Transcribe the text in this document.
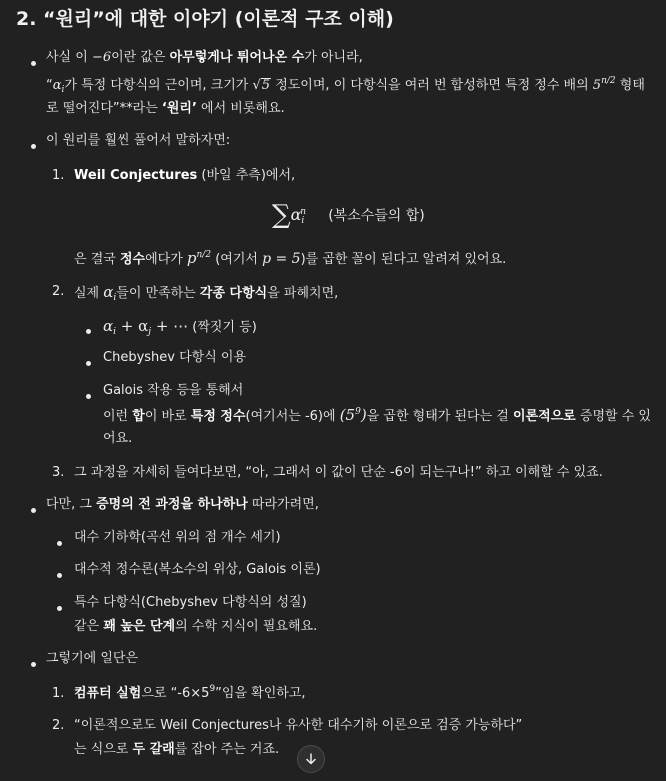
2. “원리”에 대한 이야기 (이론적 구조 이해)
사실 이 −6이란 값은 아무렇게나 튀어나온 수가 아니라,
“$\alpha_i$가 특정 다항식의 근이며, 크기가 √5 정도이며, 이 다항식을 여러 번 합성하면 특정 정수 배의 $5^{n/2}$ 형태
로 떨어진다”**라는 ‘원리’ 에서 비롯해요.
이 원리를 훨씬 풀어서 말하자면:
1. Weil Conjectures (바일 추측)에서,
$\sum\alpha_i^n$ (복소수들의 합)
은 결국 정수에다가 $p^{n/2}$ (여기서 p = 5)를 곱한 꼴이 된다고 알려져 있어요.
2. 실제 $\alpha_i$들이 만족하는 각종 다항식을 파헤치면,
$\alpha_i + \alpha_j$ + ⋯ (짝짓기 등)
Chebyshev 다항식 이용
Galois 작용 등을 통해서
이런 합이 바로 특정 정수(여기서는 -6)에 $(5^9)$을 곱한 형태가 된다는 걸 이론적으로 증명할 수 있
어요.
3. 그 과정을 자세히 들여다보면, “아, 그래서 이 값이 단순 -6이 되는구나!” 하고 이해할 수 있죠.
다만, 그 증명의 전 과정을 하나하나 따라가려면,
대수 기하학(곡선 위의 점 개수 세기)
대수적 정수론(복소수의 위상, Galois 이론)
특수 다항식(Chebyshev 다항식의 성질)
같은 꽤 높은 단계의 수학 지식이 필요해요.
그렇기에 일단은
1. 컴퓨터 실험으로 “$-6\times 5^9$”임을 확인하고,
2. “이론적으로도 Weil Conjectures나 유사한 대수기하 이론으로 검증 가능하다”
는 식으로 두 갈래를 잡아 주는 거죠.
